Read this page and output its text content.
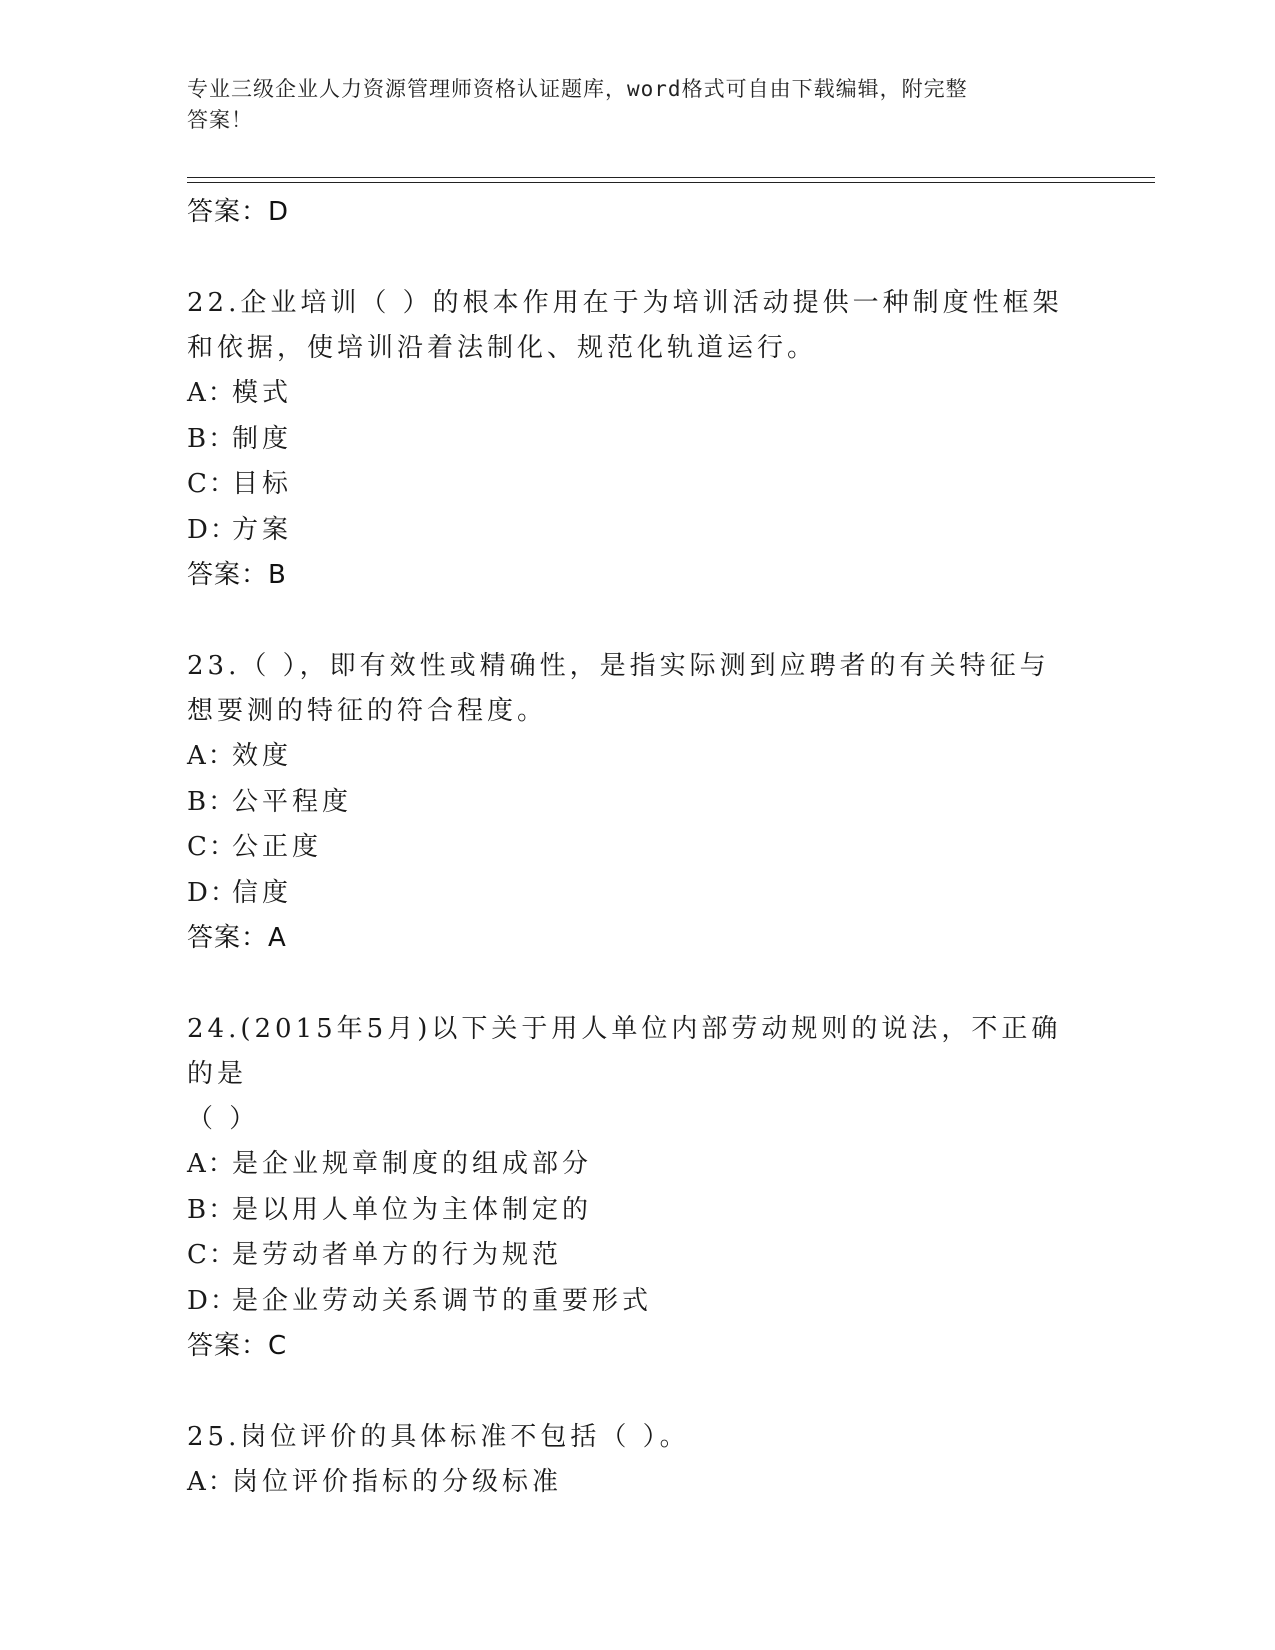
专业三级企业人力资源管理师资格认证题库，word格式可自由下载编辑，附完整
答案！
答案：D
22.企业培训（ ）的根本作用在于为培训活动提供一种制度性框架
和依据，使培训沿着法制化、规范化轨道运行。
A：模式
B：制度
C：目标
D：方案
答案：B
23.（ ），即有效性或精确性，是指实际测到应聘者的有关特征与
想要测的特征的符合程度。
A：效度
B：公平程度
C：公正度
D：信度
答案：A
24.(2015年5月)以下关于用人单位内部劳动规则的说法，不正确的是
（ ）
A：是企业规章制度的组成部分
B：是以用人单位为主体制定的
C：是劳动者单方的行为规范
D：是企业劳动关系调节的重要形式
答案：C
25.岗位评价的具体标准不包括（ ）。
A：岗位评价指标的分级标准
